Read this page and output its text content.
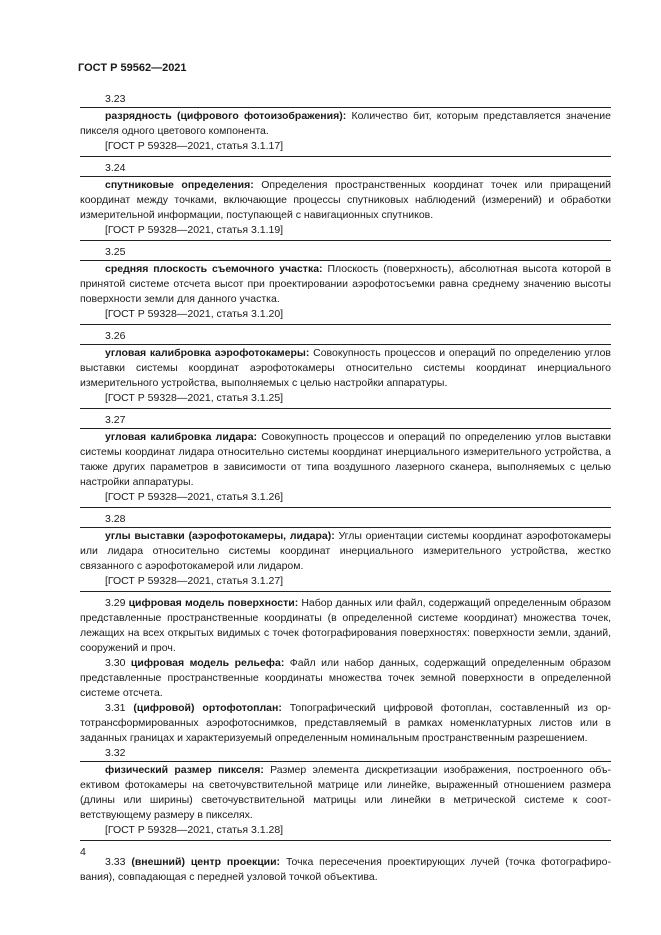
ГОСТ Р 59562—2021
3.23

разрядность (цифрового фотоизображения): Количество бит, которым представляется значение пикселя одного цветового компонента.

[ГОСТ Р 59328—2021, статья 3.1.17]
3.24

спутниковые определения: Определения пространственных координат точек или приращений координат между точками, включающие процессы спутниковых наблюдений (измерений) и обработки измерительной информации, поступающей с навигационных спутников.

[ГОСТ Р 59328—2021, статья 3.1.19]
3.25

средняя плоскость съемочного участка: Плоскость (поверхность), абсолютная высота которой в принятой системе отсчета высот при проектировании аэрофотосъемки равна среднему значению высоты поверхности земли для данного участка.

[ГОСТ Р 59328—2021, статья 3.1.20]
3.26

угловая калибровка аэрофотокамеры: Совокупность процессов и операций по определению углов выставки системы координат аэрофотокамеры относительно системы координат инерциального измерительного устройства, выполняемых с целью настройки аппаратуры.

[ГОСТ Р 59328—2021, статья 3.1.25]
3.27

угловая калибровка лидара: Совокупность процессов и операций по определению углов выставки системы координат лидара относительно системы координат инерциального измерительного устройства, а также других параметров в зависимости от типа воздушного лазерного сканера, выполняемых с целью настройки аппаратуры.

[ГОСТ Р 59328—2021, статья 3.1.26]
3.28

углы выставки (аэрофотокамеры, лидара): Углы ориентации системы координат аэрофотокамеры или лидара относительно системы координат инерциального измерительного устройства, жестко связанного с аэрофотокамерой или лидаром.

[ГОСТ Р 59328—2021, статья 3.1.27]

3.29 цифровая модель поверхности: Набор данных или файл, содержащий определенным образом представленные пространственные координаты (в определенной системе координат) множества точек, лежащих на всех открытых видимых с точек фотографирования поверхностях: поверхности земли, зданий, сооружений и проч.

3.30 цифровая модель рельефа: Файл или набор данных, содержащий определенным образом представленные пространственные координаты множества точек земной поверхности в определенной системе отсчета.

3.31 (цифровой) ортофотоплан: Топографический цифровой фотоплан, составленный из ортотрансформированных аэрофотоснимков, представляемый в рамках номенклатурных листов или в заданных границах и характеризуемый определенным номинальным пространственным разрешением.

3.32

физический размер пикселя: Размер элемента дискретизации изображения, построенного объективом фотокамеры на светочувствительной матрице или линейке, выраженный отношением размера (длины или ширины) светочувствительной матрицы или линейки в метрической системе к соответствующему размеру в пикселях.

[ГОСТ Р 59328—2021, статья 3.1.28]

3.33 (внешний) центр проекции: Точка пересечения проектирующих лучей (точка фотографирования), совпадающая с передней узловой точкой объектива.

4
